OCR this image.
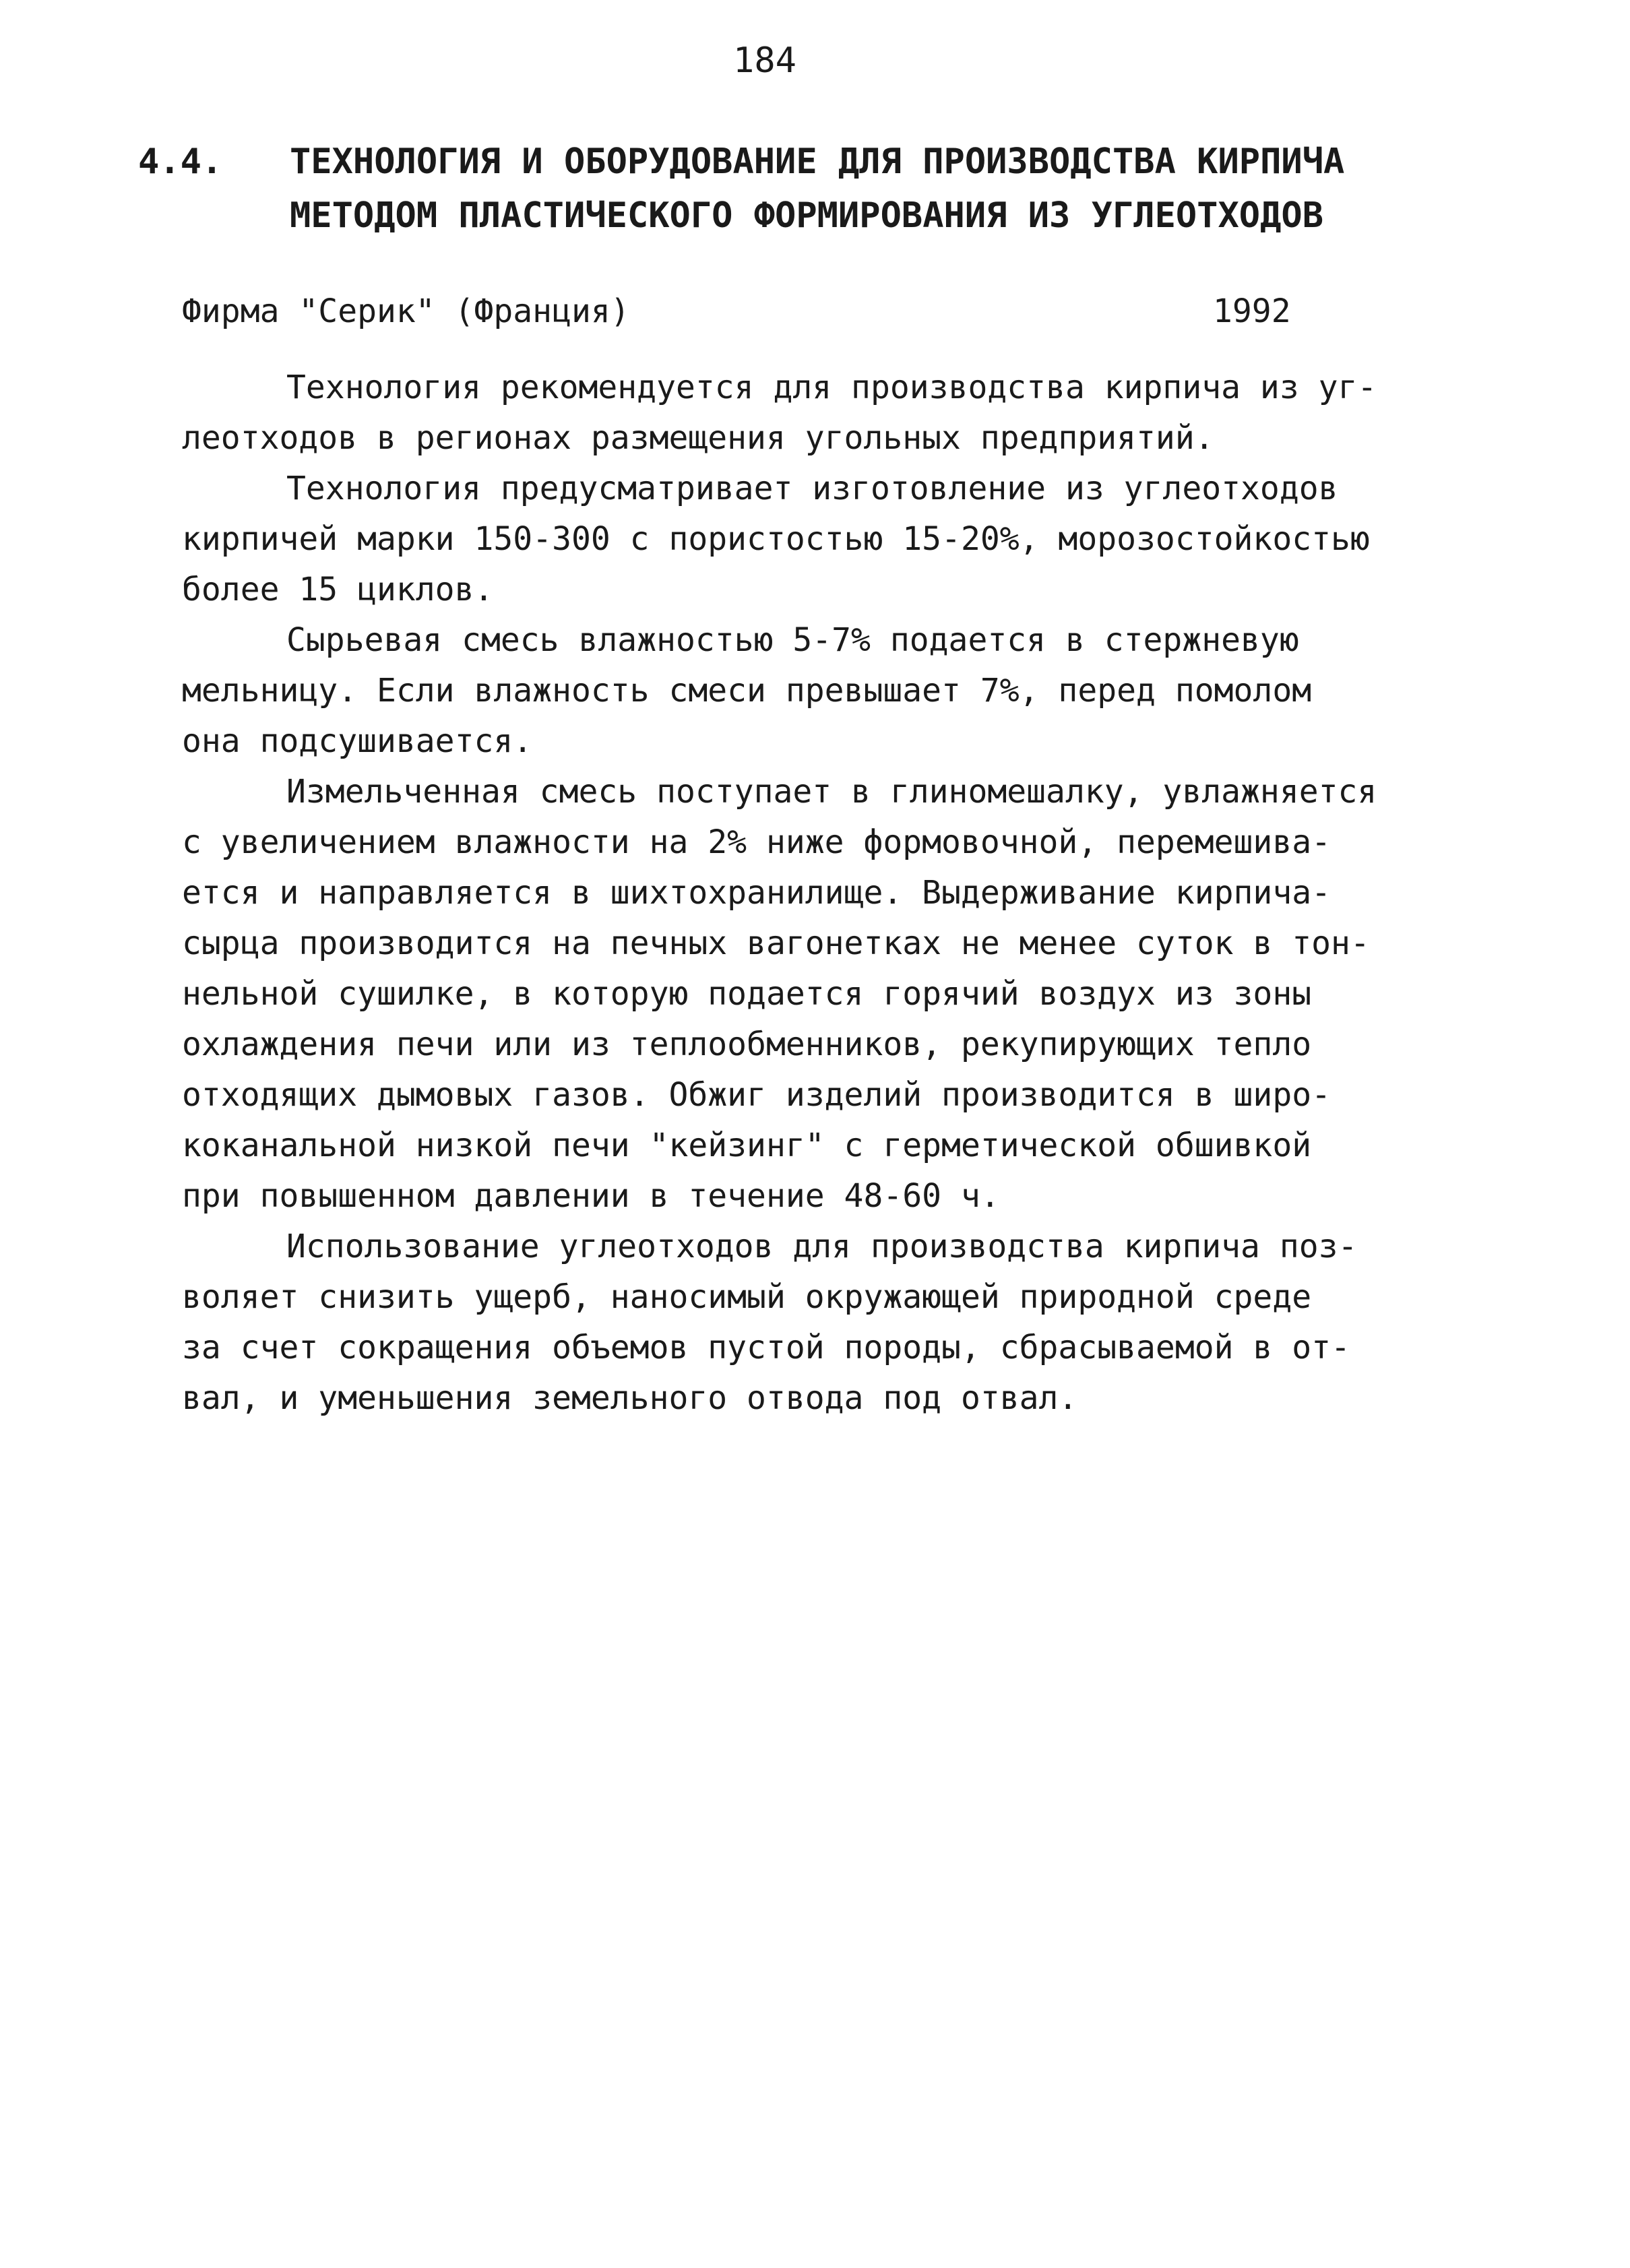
184
4.4. ТЕХНОЛОГИЯ И ОБОРУДОВАНИЕ ДЛЯ ПРОИЗВОДСТВА КИРПИЧА
МЕТОДОМ ПЛАСТИЧЕСКОГО ФОРМИРОВАНИЯ ИЗ УГЛЕОТХОДОВ
Фирма "Серик" (Франция)	1992

Технология рекомендуется для производства кирпича из уг-
леотходов в регионах размещения угольных предприятий.

Технология предусматривает изготовление из углеотходов
кирпичей марки 150-300 с пористостью 15-20%, морозостойкостью
более 15 циклов.

Сырьевая смесь влажностью 5-7% подается в стержневую
мельницу. Если влажность смеси превышает 7%, перед помолом
она подсушивается.

Измельченная смесь поступает в глиномешалку, увлажняется
с увеличением влажности на 2% ниже формовочной, перемешива-
ется и направляется в шихтохранилище. Выдерживание кирпича-
сырца производится на печных вагонетках не менее суток в тон-
нельной сушилке, в которую подается горячий воздух из зоны
охлаждения печи или из теплообменников, рекупирующих тепло
отходящих дымовых газов. Обжиг изделий производится в широ-
коканальной низкой печи "кейзинг" с герметической обшивкой
при повышенном давлении в течение 48-60 ч.

Использование углеотходов для производства кирпича поз-
воляет снизить ущерб, наносимый окружающей природной среде
за счет сокращения объемов пустой породы, сбрасываемой в от-
вал, и уменьшения земельного отвода под отвал.
